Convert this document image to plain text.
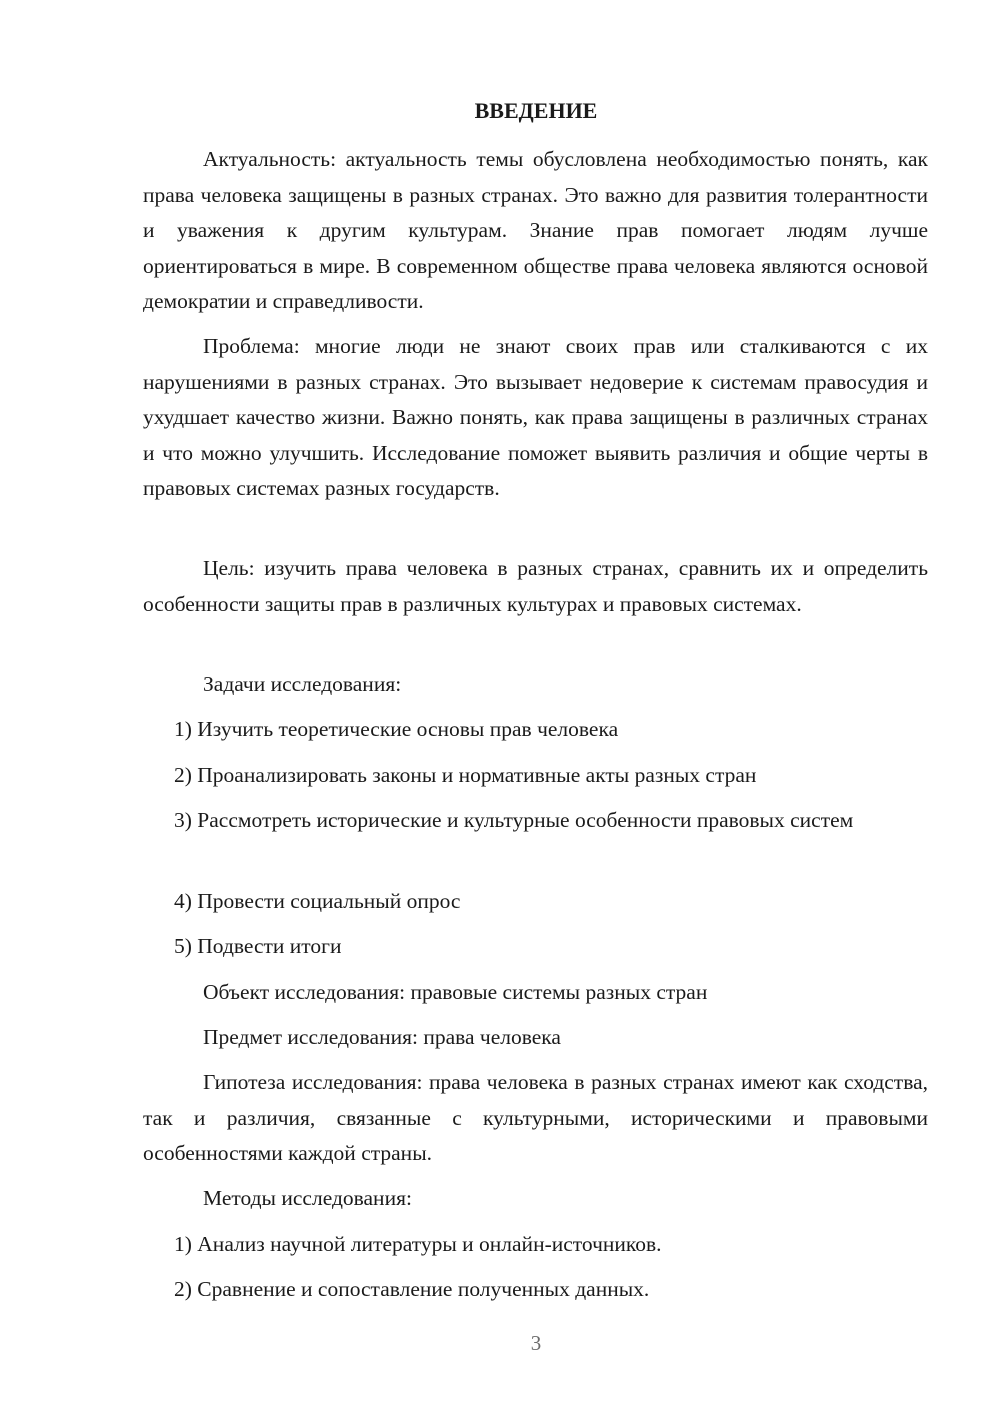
ВВЕДЕНИЕ

Актуальность: актуальность темы обусловлена необходимостью понять, как права человека защищены в разных странах. Это важно для развития толерантности и уважения к другим культурам. Знание прав помогает людям лучше ориентироваться в мире. В современном обществе права человека являются основой демократии и справедливости.

Проблема: многие люди не знают своих прав или сталкиваются с их нарушениями в разных странах. Это вызывает недоверие к системам правосудия и ухудшает качество жизни. Важно понять, как права защищены в различных странах и что можно улучшить. Исследование поможет выявить различия и общие черты в правовых системах разных государств.

Цель: изучить права человека в разных странах, сравнить их и определить особенности защиты прав в различных культурах и правовых системах.

Задачи исследования:

1) Изучить теоретические основы прав человека

2) Проанализировать законы и нормативные акты разных стран

3) Рассмотреть исторические и культурные особенности правовых систем

4) Провести социальный опрос

5) Подвести итоги

Объект исследования: правовые системы разных стран

Предмет исследования: права человека

Гипотеза исследования: права человека в разных странах имеют как сходства, так и различия, связанные с культурными, историческими и правовыми особенностями каждой страны.

Методы исследования:

1) Анализ научной литературы и онлайн-источников.

2) Сравнение и сопоставление полученных данных.

3
